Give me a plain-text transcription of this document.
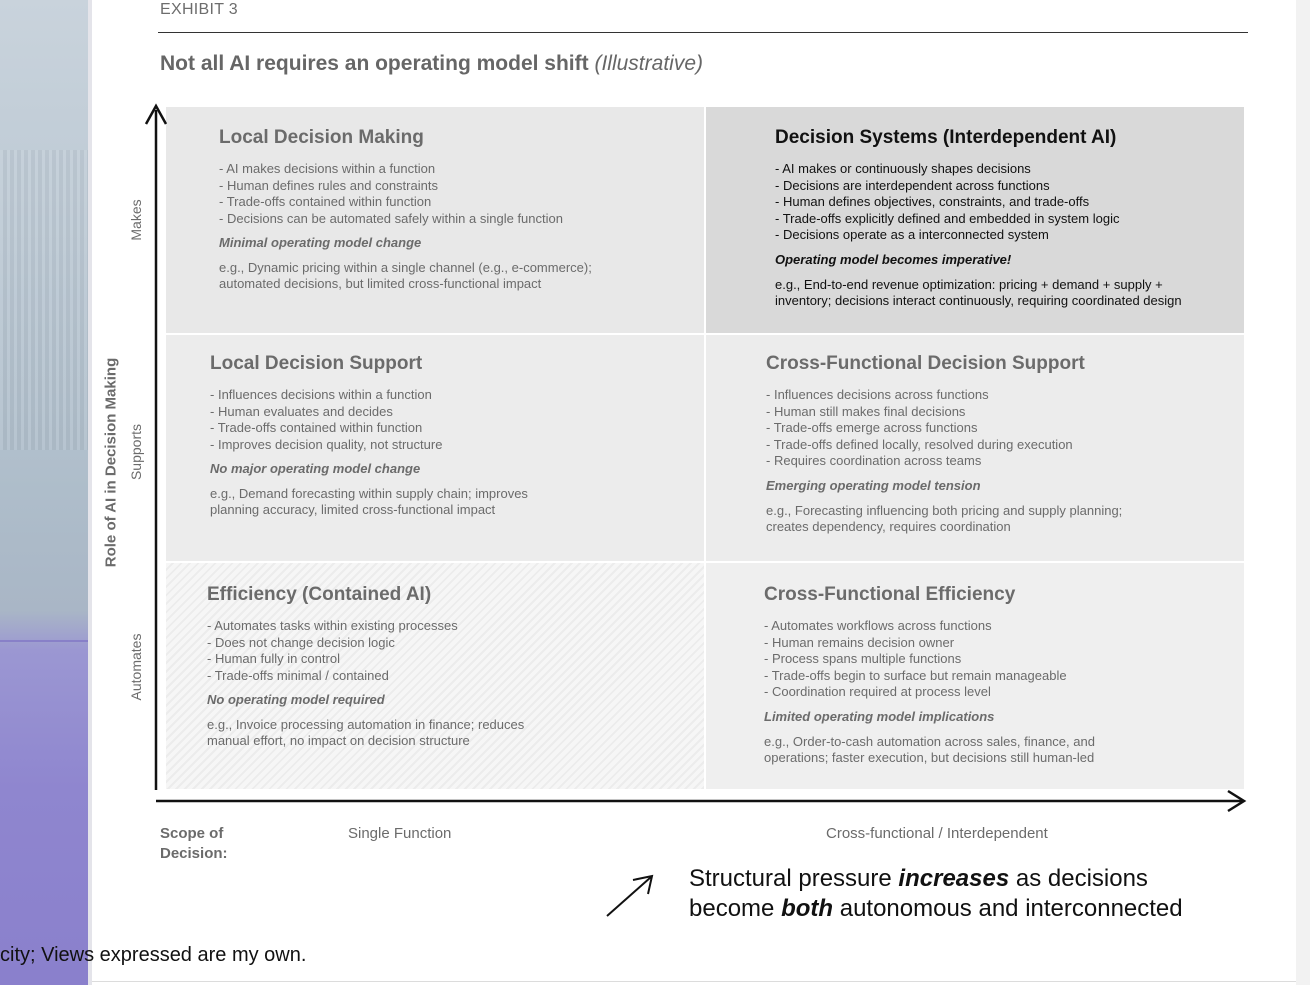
EXHIBIT 3
Not all AI requires an operating model shift (Illustrative)
Local Decision Making
- AI makes decisions within a function
- Human defines rules and constraints
- Trade-offs contained within function
- Decisions can be automated safely within a single function
Minimal operating model change
e.g., Dynamic pricing within a single channel (e.g., e-commerce);
automated decisions, but limited cross-functional impact
Decision Systems (Interdependent AI)
- AI makes or continuously shapes decisions
- Decisions are interdependent across functions
- Human defines objectives, constraints, and trade-offs
- Trade-offs explicitly defined and embedded in system logic
- Decisions operate as a interconnected system
Operating model becomes imperative!
e.g., End-to-end revenue optimization: pricing + demand + supply +
inventory; decisions interact continuously, requiring coordinated design
Local Decision Support
- Influences decisions within a function
- Human evaluates and decides
- Trade-offs contained within function
- Improves decision quality, not structure
No major operating model change
e.g., Demand forecasting within supply chain; improves
planning accuracy, limited cross-functional impact
Cross-Functional Decision Support
- Influences decisions across functions
- Human still makes final decisions
- Trade-offs emerge across functions
- Trade-offs defined locally, resolved during execution
- Requires coordination across teams
Emerging operating model tension
e.g., Forecasting influencing both pricing and supply planning;
creates dependency, requires coordination
Efficiency (Contained AI)
- Automates tasks within existing processes
- Does not change decision logic
- Human fully in control
- Trade-offs minimal / contained
No operating model required
e.g., Invoice processing automation in finance; reduces
manual effort, no impact on decision structure
Cross-Functional Efficiency
- Automates workflows across functions
- Human remains decision owner
- Process spans multiple functions
- Trade-offs begin to surface but remain manageable
- Coordination required at process level
Limited operating model implications
e.g., Order-to-cash automation across sales, finance, and
operations; faster execution, but decisions still human-led
Role of AI in Decision Making
Makes
Supports
Automates
Scope of
Decision:
Single Function	Cross-functional / Interdependent
Structural pressure increases as decisions
become both autonomous and interconnected
city; Views expressed are my own.
